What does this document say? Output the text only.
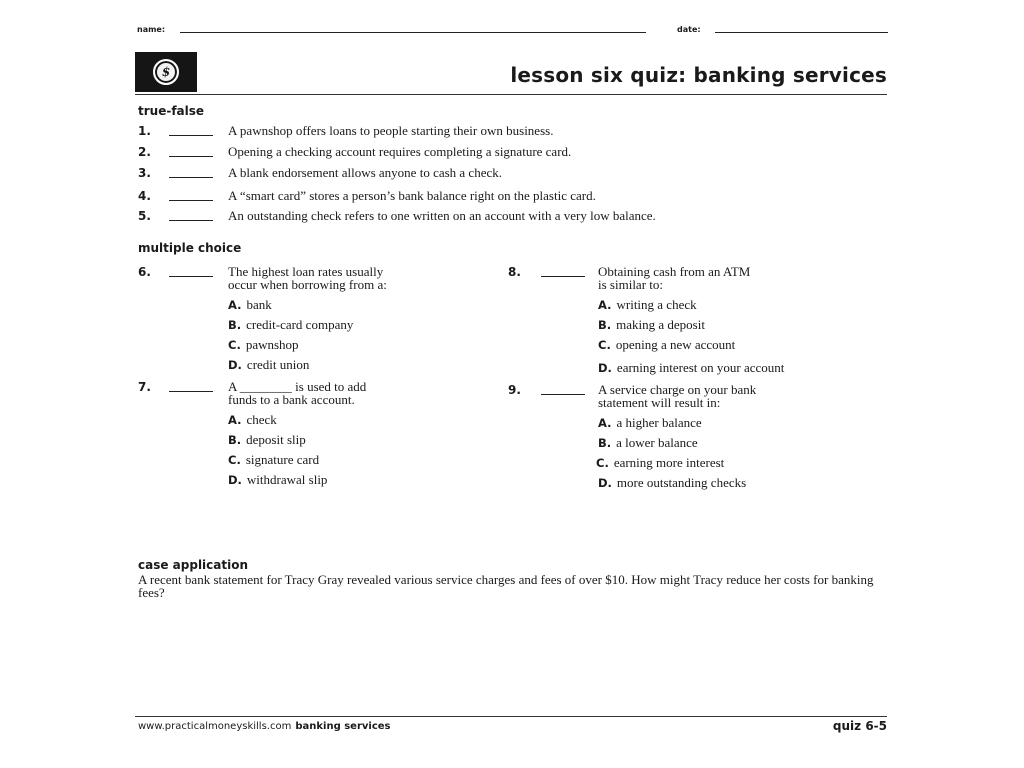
name:	date:
$	lesson six quiz: banking services
true-false
1.	A pawnshop offers loans to people starting their own business.
2.	Opening a checking account requires completing a signature card.
3.	A blank endorsement allows anyone to cash a check.
4.	A “smart card” stores a person’s bank balance right on the plastic card.
5.	An outstanding check refers to one written on an account with a very low balance.
multiple choice
6.	The highest loan rates usually
occur when borrowing from a:
A. bank
B. credit-card company
C. pawnshop
D. credit union
7.	A ________ is used to add
funds to a bank account.
A. check
B. deposit slip
C. signature card
D. withdrawal slip
8.	Obtaining cash from an ATM
is similar to:
A. writing a check
B. making a deposit
C. opening a new account
D. earning interest on your account
9.	A service charge on your bank
statement will result in:
A. a higher balance
B. a lower balance
C. earning more interest
D. more outstanding checks
case application
A recent bank statement for Tracy Gray revealed various service charges and fees of over $10. How might Tracy reduce her costs for banking fees?
www.practicalmoneyskills.com banking services	quiz 6-5
